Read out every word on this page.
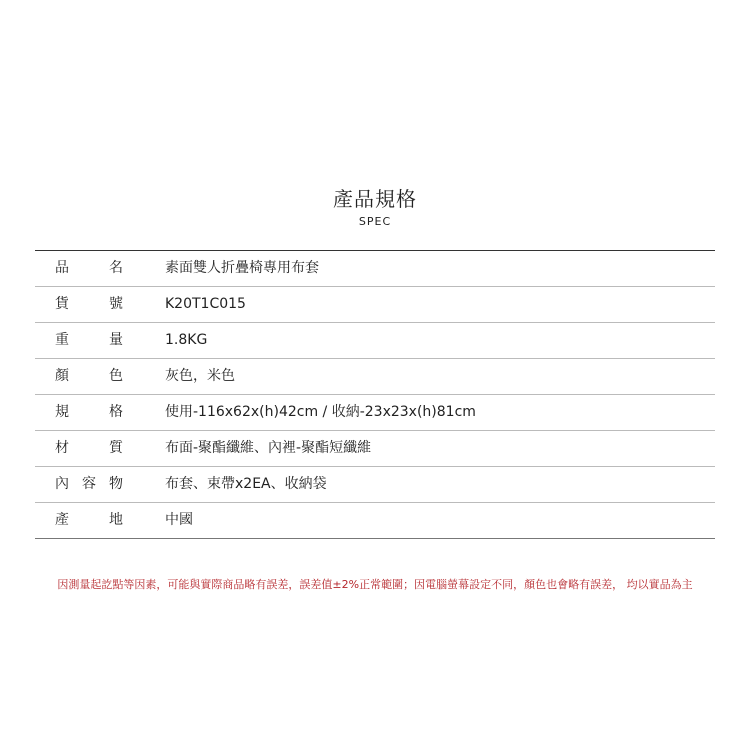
產品規格
SPEC
品名	素面雙人折疊椅專用布套
貨號	K20T1C015
重量	1.8KG
顏色	灰色，米色
規格	使用-116x62x(h)42cm / 收納-23x23x(h)81cm
材質	布面-聚酯纖維、內裡-聚酯短纖維
內容物	布套、束帶x2EA、收納袋
產地	中國
因測量起訖點等因素，可能與實際商品略有誤差，誤差值±2%正常範圍；因電腦螢幕設定不同，顏色也會略有誤差， 均以實品為主
